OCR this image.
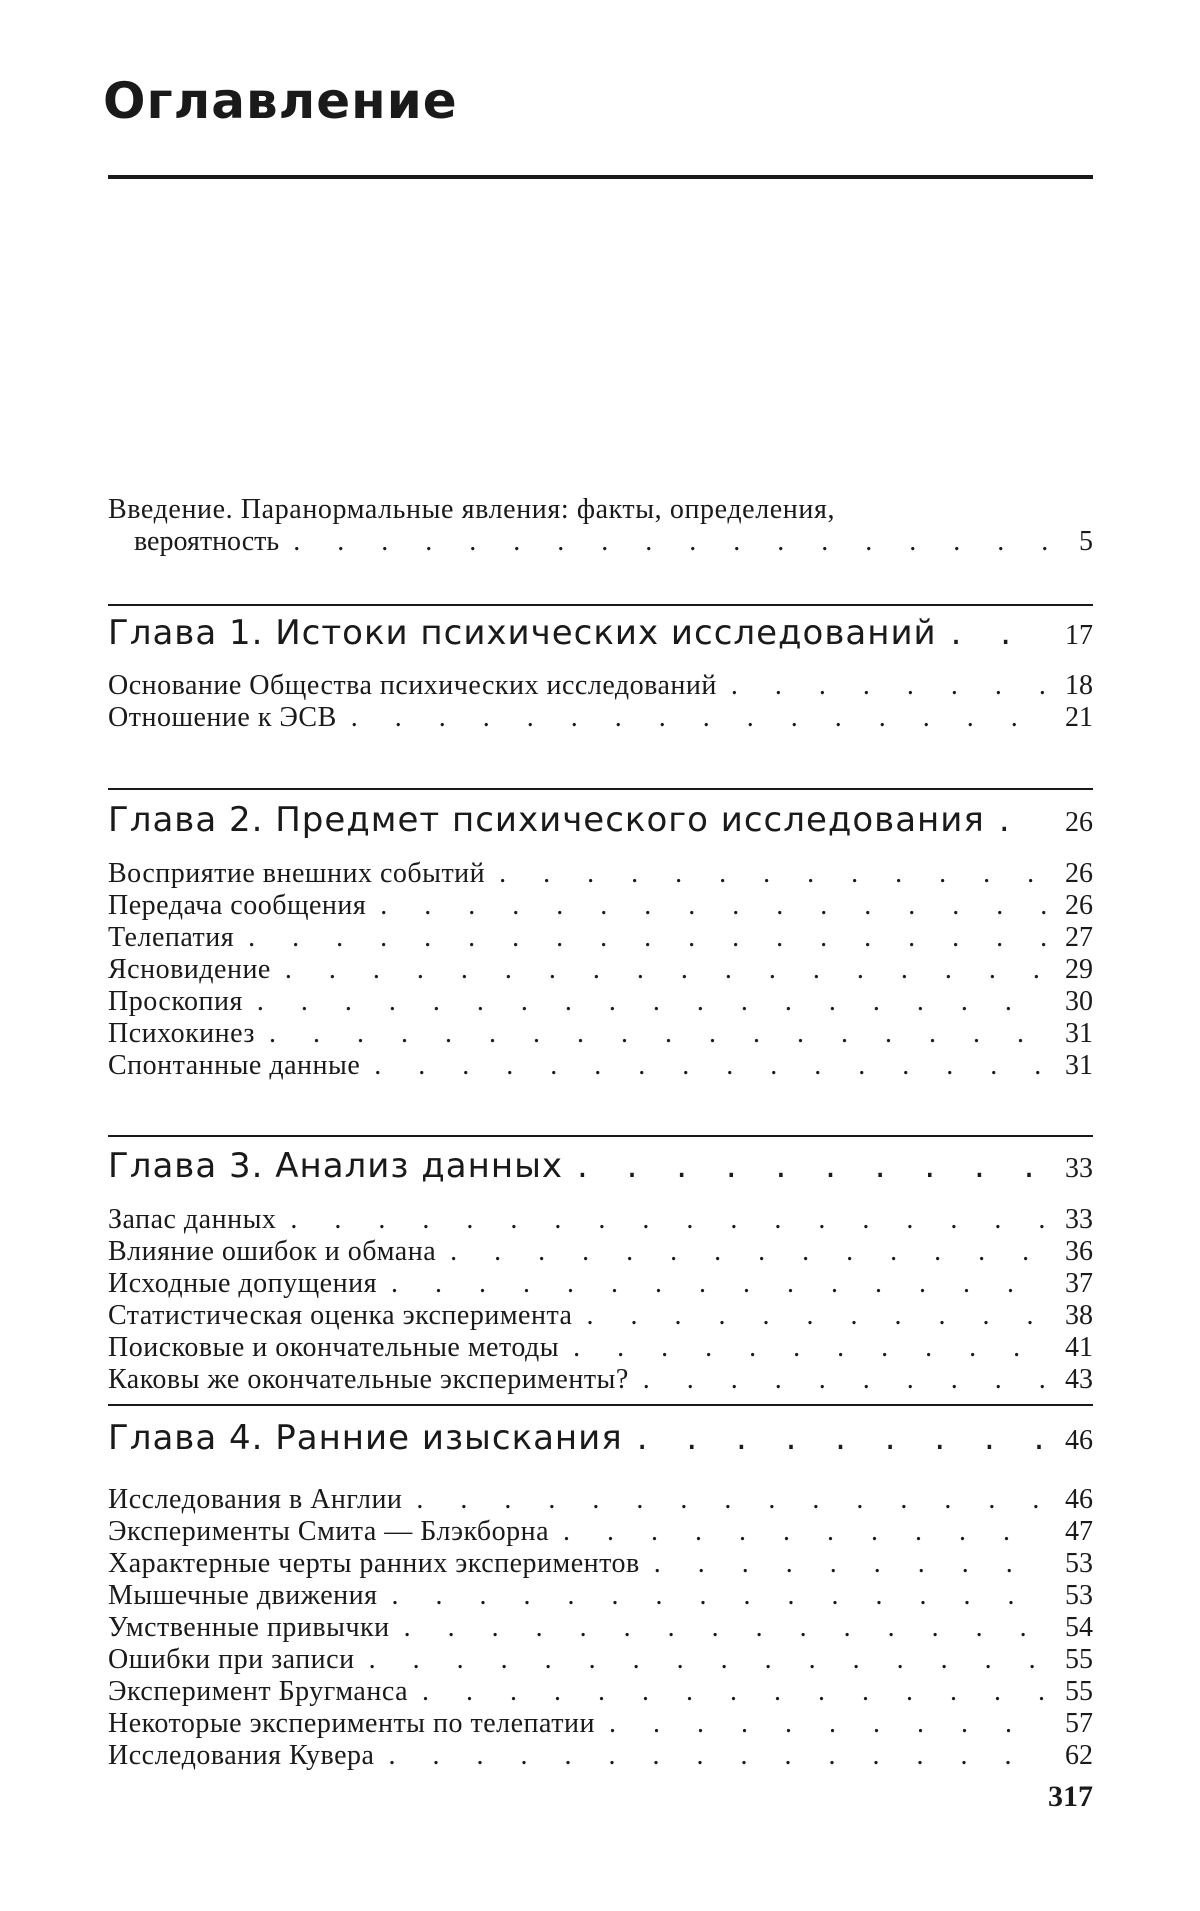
Оглавление
Введение. Паранормальные явления: факты, определения,
вероятность . . .	5
Глава 1. Истоки психических исследований . . .	17
Основание Общества психических исследований . . .	18
Отношение к ЭСВ . . .	21
Глава 2. Предмет психического исследования . . .	26
Восприятие внешних событий . . .	26
Передача сообщения . . .	26
Телепатия . . .	27
Ясновидение . . .	29
Проскопия . . .	30
Психокинез . . .	31
Спонтанные данные . . .	31
Глава 3. Анализ данных . . .	33
Запас данных . . .	33
Влияние ошибок и обмана . . .	36
Исходные допущения . . .	37
Статистическая оценка эксперимента . . .	38
Поисковые и окончательные методы . . .	41
Каковы же окончательные эксперименты? . . .	43
Глава 4. Ранние изыскания . . .	46
Исследования в Англии . . .	46
Эксперименты Смита — Блэкборна . . .	47
Характерные черты ранних экспериментов . . .	53
Мышечные движения . . .	53
Умственные привычки . . .	54
Ошибки при записи . . .	55
Эксперимент Бругманса . . .	55
Некоторые эксперименты по телепатии . . .	57
Исследования Кувера . . .	62
317
